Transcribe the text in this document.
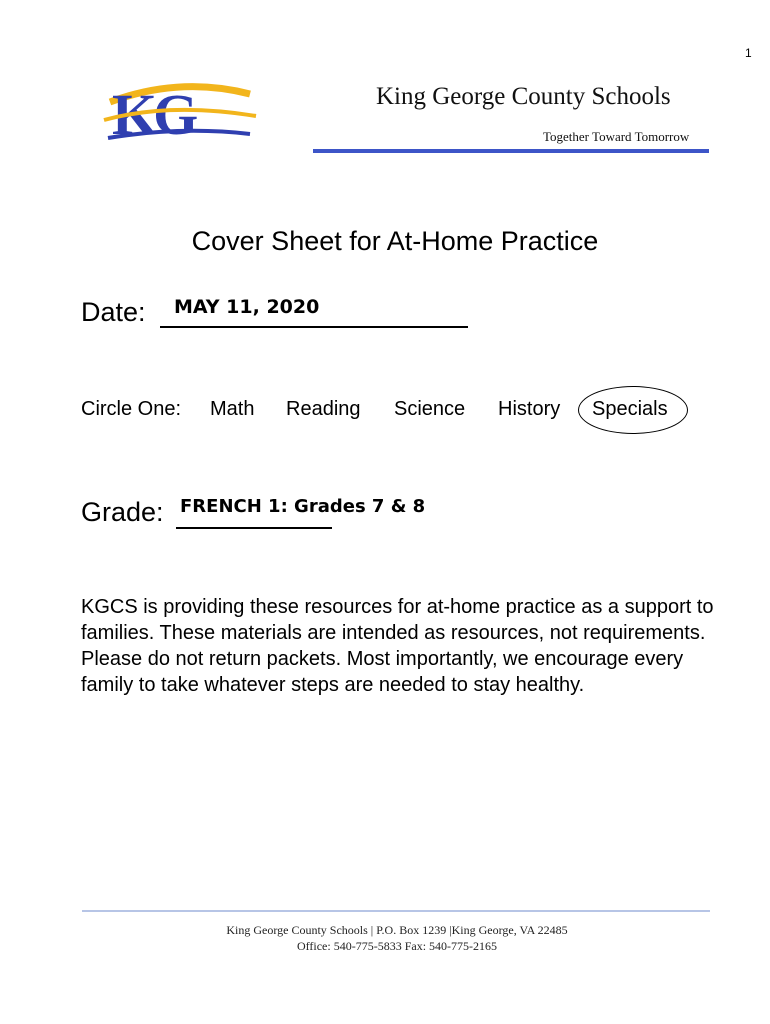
1
KG	King George County Schools
Together Toward Tomorrow
Cover Sheet for At-Home Practice
Date: MAY 11, 2020
Circle One: Math Reading Science History Specials
Grade: FRENCH 1: Grades 7 & 8
KGCS is providing these resources for at-home practice as a support to families. These materials are intended as resources, not requirements. Please do not return packets. Most importantly, we encourage every family to take whatever steps are needed to stay healthy.
King George County Schools | P.O. Box 1239 |King George, VA 22485
Office: 540-775-5833 Fax: 540-775-2165
